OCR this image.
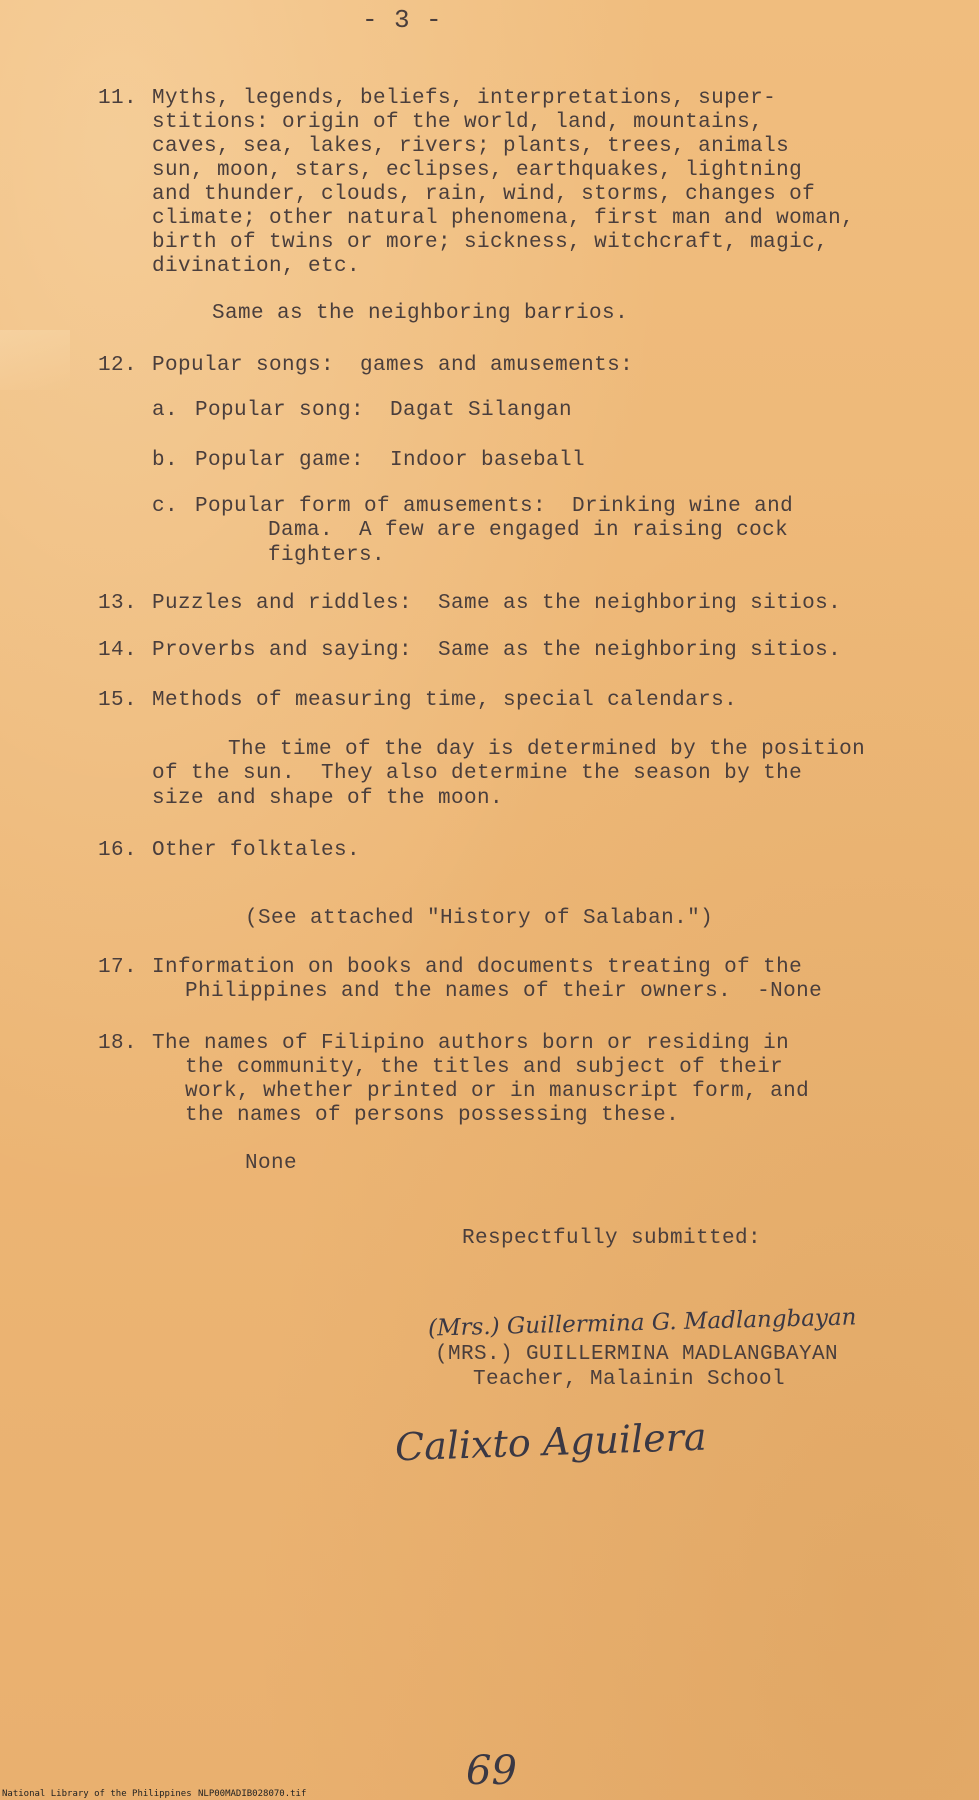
- 3 -
11. Myths, legends, beliefs, interpretations, super-
stitions: origin of the world, land, mountains,
caves, sea, lakes, rivers; plants, trees, animals
sun, moon, stars, eclipses, earthquakes, lightning
and thunder, clouds, rain, wind, storms, changes of
climate; other natural phenomena, first man and woman,
birth of twins or more; sickness, witchcraft, magic,
divination, etc.
Same as the neighboring barrios.
12. Popular songs:  games and amusements:
a. Popular song:  Dagat Silangan
b. Popular game:  Indoor baseball
c. Popular form of amusements:  Drinking wine and
Dama.  A few are engaged in raising cock
fighters.
13. Puzzles and riddles:  Same as the neighboring sitios.
14. Proverbs and saying:  Same as the neighboring sitios.
15. Methods of measuring time, special calendars.
The time of the day is determined by the position
of the sun.  They also determine the season by the
size and shape of the moon.
16. Other folktales.
(See attached "History of Salaban.")
17. Information on books and documents treating of the
Philippines and the names of their owners.  -None
18. The names of Filipino authors born or residing in
the community, the titles and subject of their
work, whether printed or in manuscript form, and
the names of persons possessing these.
None
Respectfully submitted:
(Mrs.) Guillermina G. Madlangbayan
(MRS.) GUILLERMINA MADLANGBAYAN
Teacher, Malainin School
Calixto Aguilera
69
National Library of the Philippines NLP00MADIB028070.tif
